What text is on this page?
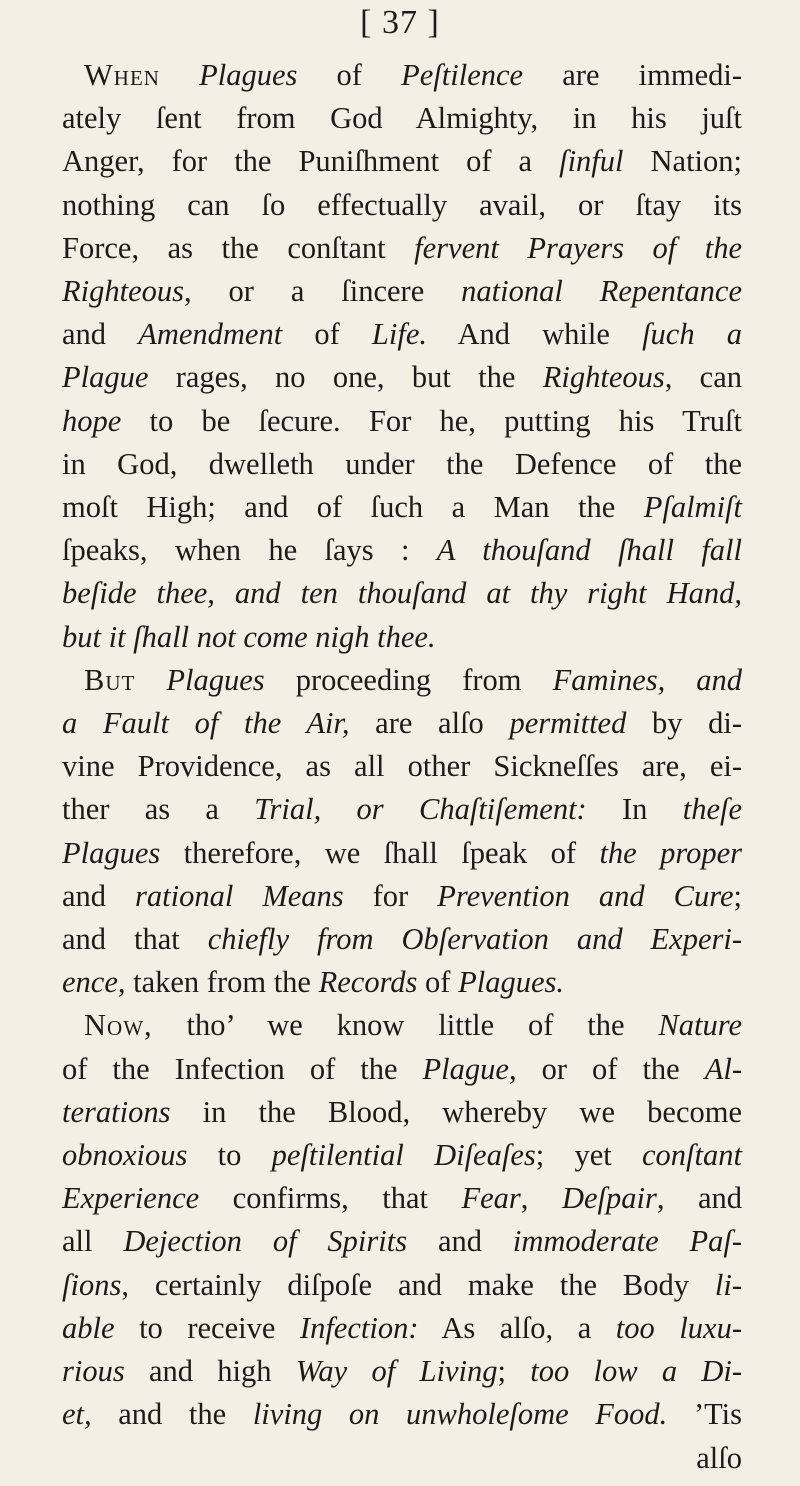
[ 37 ]
When Plagues of Peſtilence are immedi-
ately ſent from God Almighty, in his juſt
Anger, for the Puniſhment of a ſinful Nation;
nothing can ſo effectually avail, or ſtay its
Force, as the conſtant fervent Prayers of the
Righteous, or a ſincere national Repentance
and Amendment of Life. And while ſuch a
Plague rages, no one, but the Righteous, can
hope to be ſecure. For he, putting his Truſt
in God, dwelleth under the Defence of the
moſt High; and of ſuch a Man the Pſalmiſt
ſpeaks, when he ſays : A thouſand ſhall fall
beſide thee, and ten thouſand at thy right Hand,
but it ſhall not come nigh thee.
But Plagues proceeding from Famines, and
a Fault of the Air, are alſo permitted by di-
vine Providence, as all other Sickneſſes are, ei-
ther as a Trial, or Chaſtiſement: In theſe
Plagues therefore, we ſhall ſpeak of the proper
and rational Means for Prevention and Cure;
and that chiefly from Obſervation and Experi-
ence, taken from the Records of Plagues.
Now, tho’ we know little of the Nature
of the Infection of the Plague, or of the Al-
terations in the Blood, whereby we become
obnoxious to peſtilential Diſeaſes; yet conſtant
Experience confirms, that Fear, Deſpair, and
all Dejection of Spirits and immoderate Paſ-
ſions, certainly diſpoſe and make the Body li-
able to receive Infection: As alſo, a too luxu-
rious and high Way of Living; too low a Di-
et, and the living on unwholeſome Food. ’Tis
alſo
